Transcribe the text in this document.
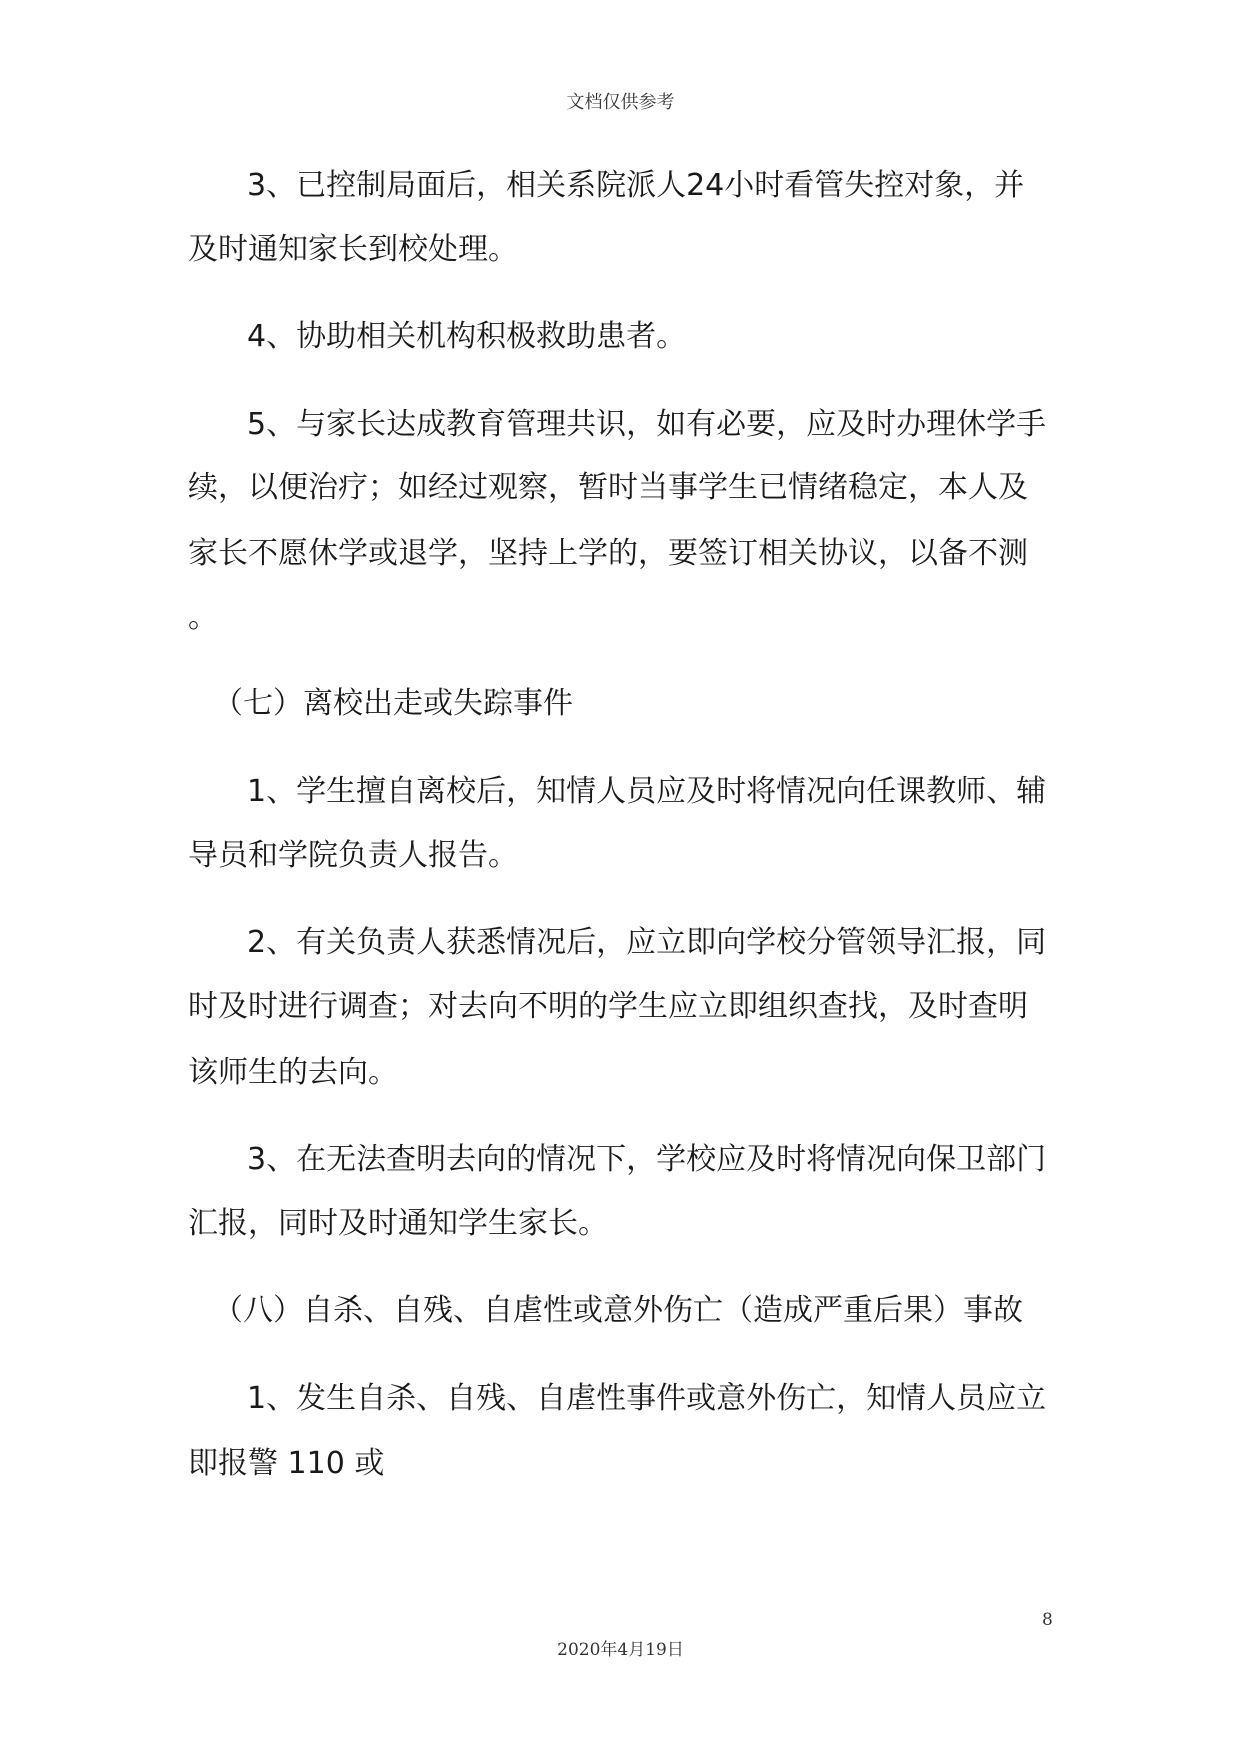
文档仅供参考
3、已控制局面后，相关系院派人24小时看管失控对象，并
及时通知家长到校处理。
4、协助相关机构积极救助患者。
5、与家长达成教育管理共识，如有必要，应及时办理休学手
续，以便治疗；如经过观察，暂时当事学生已情绪稳定，本人及
家长不愿休学或退学，坚持上学的，要签订相关协议，以备不测
。
（七）离校出走或失踪事件
1、学生擅自离校后，知情人员应及时将情况向任课教师、辅
导员和学院负责人报告。
2、有关负责人获悉情况后，应立即向学校分管领导汇报，同
时及时进行调查；对去向不明的学生应立即组织查找，及时查明
该师生的去向。
3、在无法查明去向的情况下，学校应及时将情况向保卫部门
汇报，同时及时通知学生家长。
（八）自杀、自残、自虐性或意外伤亡（造成严重后果）事故
1、发生自杀、自残、自虐性事件或意外伤亡，知情人员应立
即报警 110 或
8
2020年4月19日
